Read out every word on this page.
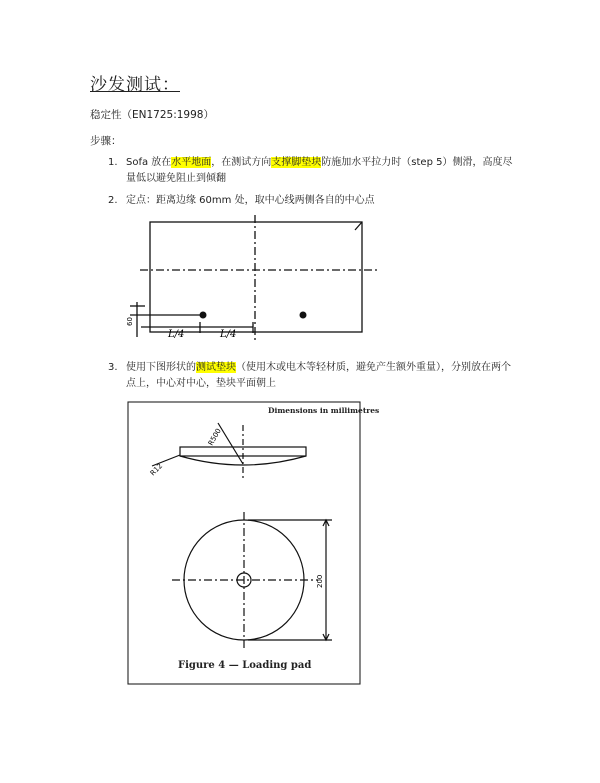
沙发测试：
稳定性（EN1725:1998）
步骤：
1. Sofa 放在水平地面，在测试方向支撑脚垫块防施加水平拉力时（step 5）侧滑，高度尽量低以避免阻止到倾翻
2. 定点：距离边缘 60mm 处，取中心线两侧各自的中心点
3. 使用下图形状的测试垫块（使用木或电木等轻材质，避免产生额外重量），分别放在两个点上，中心对中心，垫块平面朝上
60
L/4	L/4
R500
R12
200
Dimensions in millimetres
Figure 4 — Loading pad
